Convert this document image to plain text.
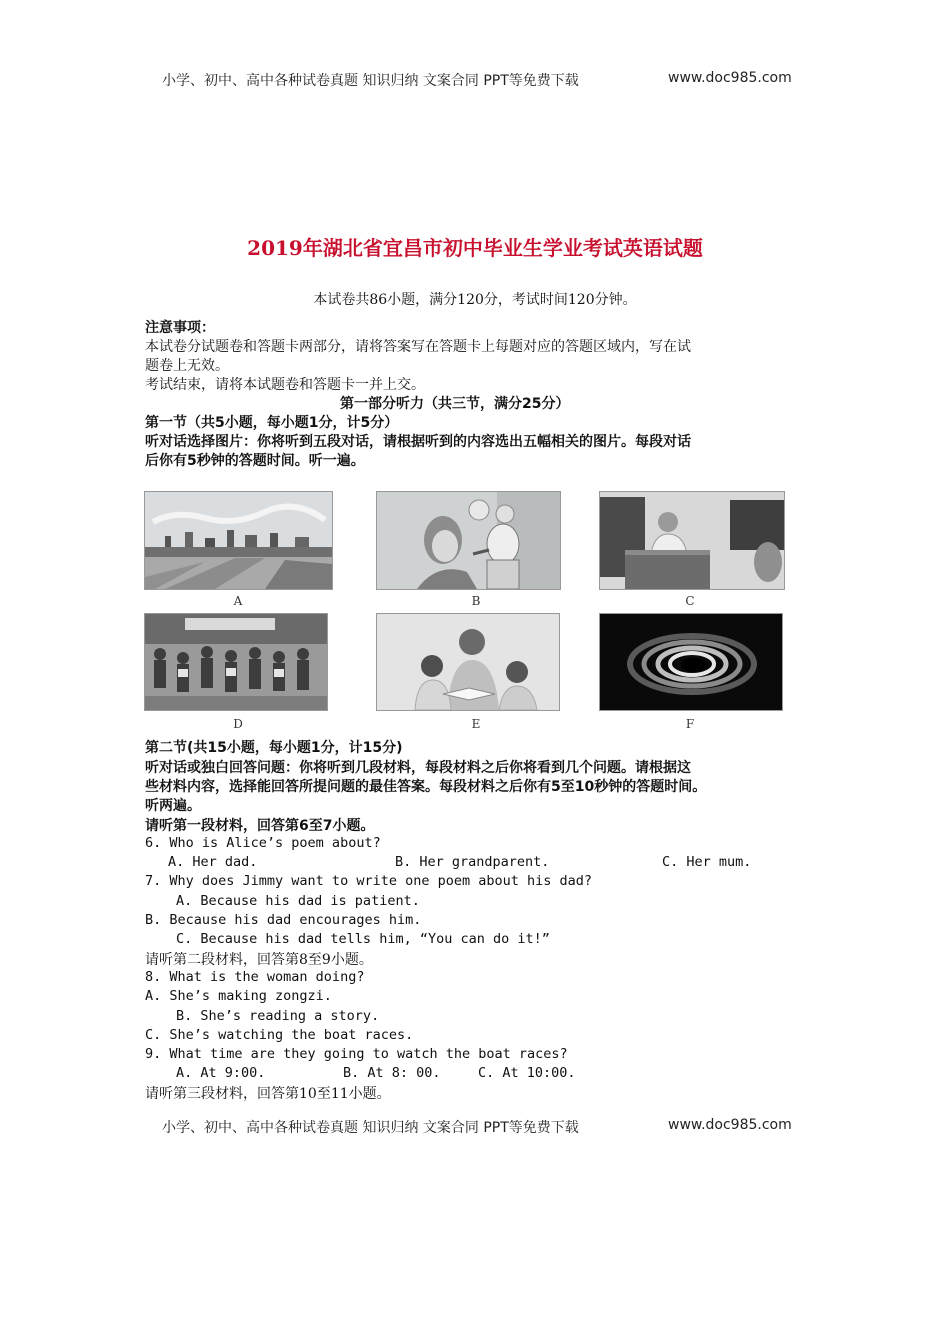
小学、初中、高中各种试卷真题 知识归纳 文案合同 PPT等免费下载	www.doc985.com
2019年湖北省宜昌市初中毕业生学业考试英语试题
本试卷共86小题，满分120分，考试时间120分钟。
注意事项：
本试卷分试题卷和答题卡两部分，请将答案写在答题卡上每题对应的答题区域内，写在试
题卷上无效。
考试结束，请将本试题卷和答题卡一并上交。
第一部分听力（共三节，满分25分）
第一节（共5小题，每小题1分，计5分）
听对话选择图片：你将听到五段对话，请根据听到的内容选出五幅相关的图片。每段对话
后你有5秒钟的答题时间。听一遍。
A	B	C
D	E	F
第二节(共15小题，每小题1分，计15分)
听对话或独白回答问题：你将听到几段材料，每段材料之后你将看到几个问题。请根据这
些材料内容，选择能回答所提问题的最佳答案。每段材料之后你有5至10秒钟的答题时间。
听两遍。
请听第一段材料，回答第6至7小题。
6. Who is Alice’s poem about?
A. Her dad.	B. Her grandparent.	C. Her mum.
7. Why does Jimmy want to write one poem about his dad?
A. Because his dad is patient.
B. Because his dad encourages him.
C. Because his dad tells him, “You can do it!”
请听第二段材料，回答第8至9小题。
8. What is the woman doing?
A. She’s making zongzi.
B. She’s reading a story.
C. She’s watching the boat races.
9. What time are they going to watch the boat races?
A. At 9:00.	B. At 8: 00.	C. At 10:00.
请听第三段材料，回答第10至11小题。
小学、初中、高中各种试卷真题 知识归纳 文案合同 PPT等免费下载	www.doc985.com
